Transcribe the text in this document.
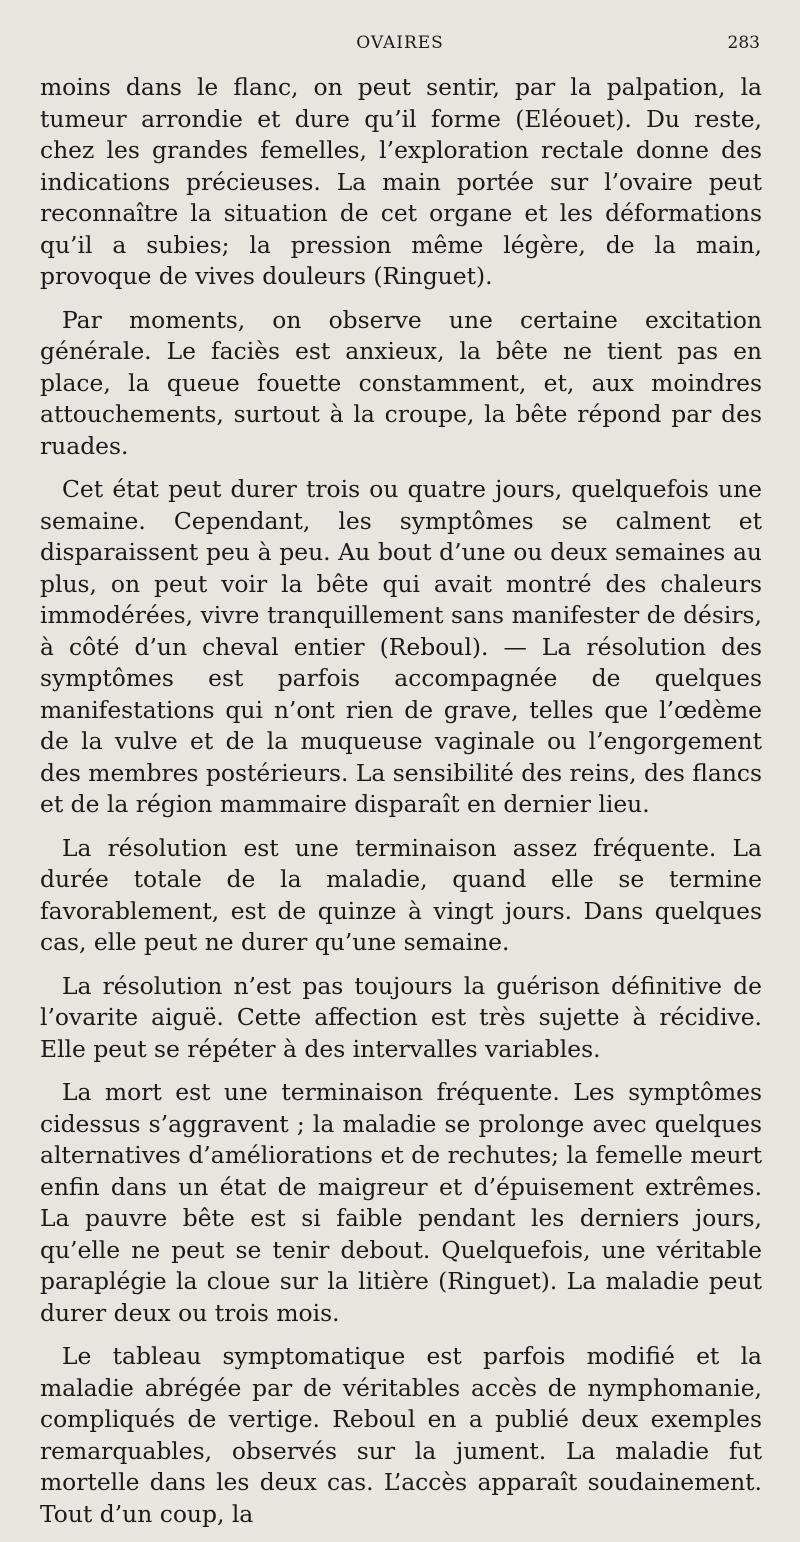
OVAIRES	283

moins dans le flanc, on peut sentir, par la palpation, la tumeur arrondie et dure qu’il forme (Eléouet). Du reste, chez les grandes femelles, l’exploration rectale donne des indications précieuses. La main portée sur l’ovaire peut reconnaître la situation de cet organe et les déformations qu’il a subies; la pression même légère, de la main, provoque de vives douleurs (Ringuet).

Par moments, on observe une certaine excitation générale. Le faciès est anxieux, la bête ne tient pas en place, la queue fouette constamment, et, aux moindres attouchements, surtout à la croupe, la bête répond par des ruades.

Cet état peut durer trois ou quatre jours, quelquefois une semaine. Cependant, les symptômes se calment et disparaissent peu à peu. Au bout d’une ou deux semaines au plus, on peut voir la bête qui avait montré des chaleurs immodérées, vivre tranquillement sans manifester de désirs, à côté d’un cheval entier (Reboul). — La résolution des symptômes est parfois accompagnée de quelques manifestations qui n’ont rien de grave, telles que l’œdème de la vulve et de la muqueuse vaginale ou l’engorgement des membres postérieurs. La sensibilité des reins, des flancs et de la région mammaire disparaît en dernier lieu.

La résolution est une terminaison assez fréquente. La durée totale de la maladie, quand elle se termine favorablement, est de quinze à vingt jours. Dans quelques cas, elle peut ne durer qu’une semaine.

La résolution n’est pas toujours la guérison définitive de l’ovarite aiguë. Cette affection est très sujette à récidive. Elle peut se répéter à des intervalles variables.

La mort est une terminaison fréquente. Les symptômes cidessus s’aggravent ; la maladie se prolonge avec quelques alternatives d’améliorations et de rechutes; la femelle meurt enfin dans un état de maigreur et d’épuisement extrêmes. La pauvre bête est si faible pendant les derniers jours, qu’elle ne peut se tenir debout. Quelquefois, une véritable paraplégie la cloue sur la litière (Ringuet). La maladie peut durer deux ou trois mois.

Le tableau symptomatique est parfois modifié et la maladie abrégée par de véritables accès de nymphomanie, compliqués de vertige. Reboul en a publié deux exemples remarquables, observés sur la jument. La maladie fut mortelle dans les deux cas. L’accès apparaît soudainement. Tout d’un coup, la
